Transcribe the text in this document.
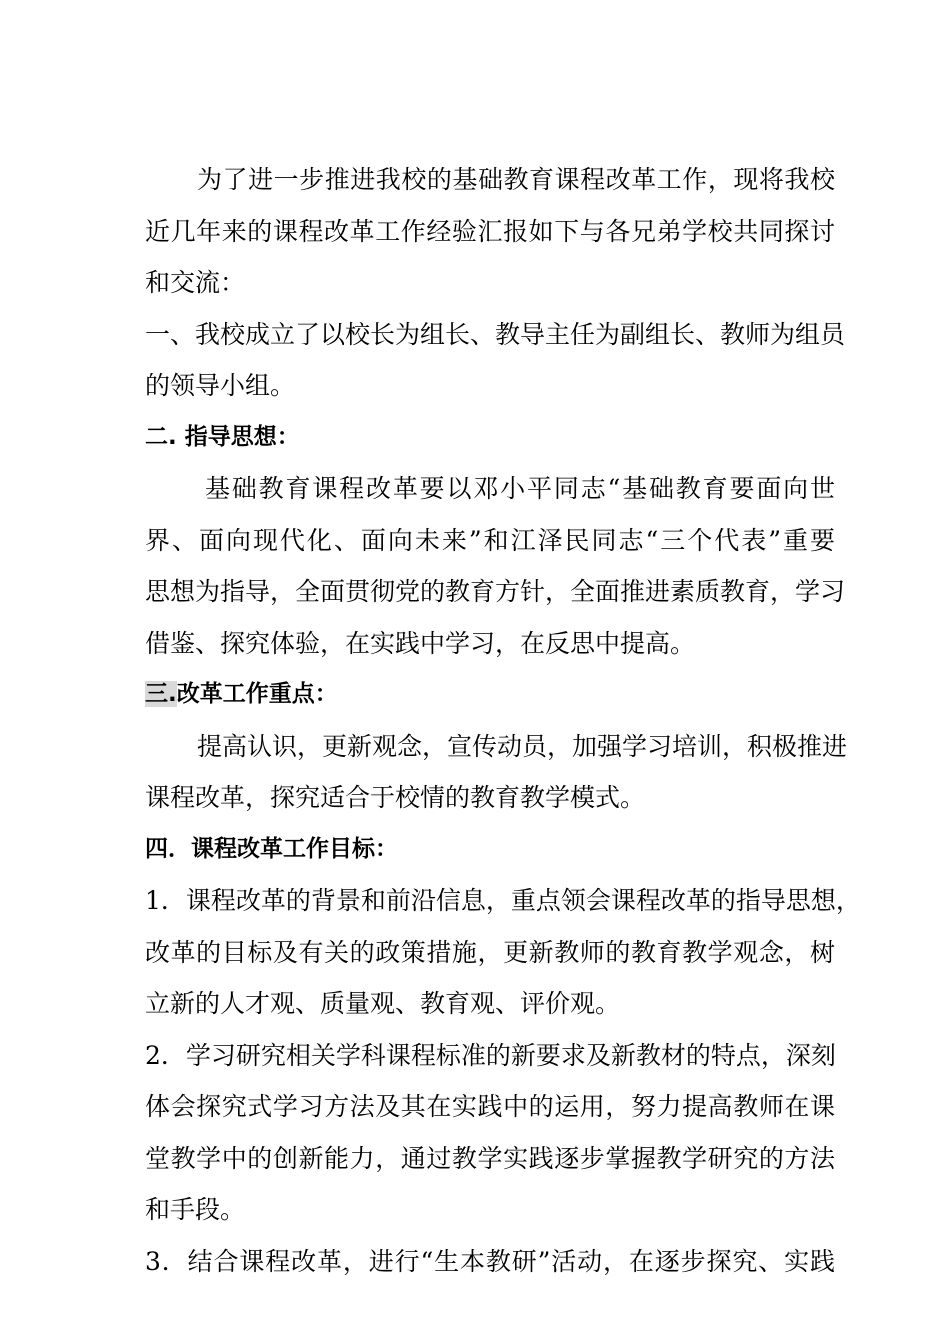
为了进一步推进我校的基础教育课程改革工作，现将我校
近几年来的课程改革工作经验汇报如下与各兄弟学校共同探讨
和交流：
一、我校成立了以校长为组长、教导主任为副组长、教师为组员
的领导小组。
二. 指导思想：
基础教育课程改革要以邓小平同志“基础教育要面向世
界、面向现代化、面向未来”和江泽民同志“三个代表”重要
思想为指导，全面贯彻党的教育方针，全面推进素质教育，学习
借鉴、探究体验，在实践中学习，在反思中提高。
三.改革工作重点：
提高认识，更新观念，宣传动员，加强学习培训，积极推进
课程改革，探究适合于校情的教育教学模式。
四．课程改革工作目标：
1．课程改革的背景和前沿信息，重点领会课程改革的指导思想，
改革的目标及有关的政策措施，更新教师的教育教学观念，树
立新的人才观、质量观、教育观、评价观。
2．学习研究相关学科课程标准的新要求及新教材的特点，深刻
体会探究式学习方法及其在实践中的运用，努力提高教师在课
堂教学中的创新能力，通过教学实践逐步掌握教学研究的方法
和手段。
3．结合课程改革，进行“生本教研”活动，在逐步探究、实践
